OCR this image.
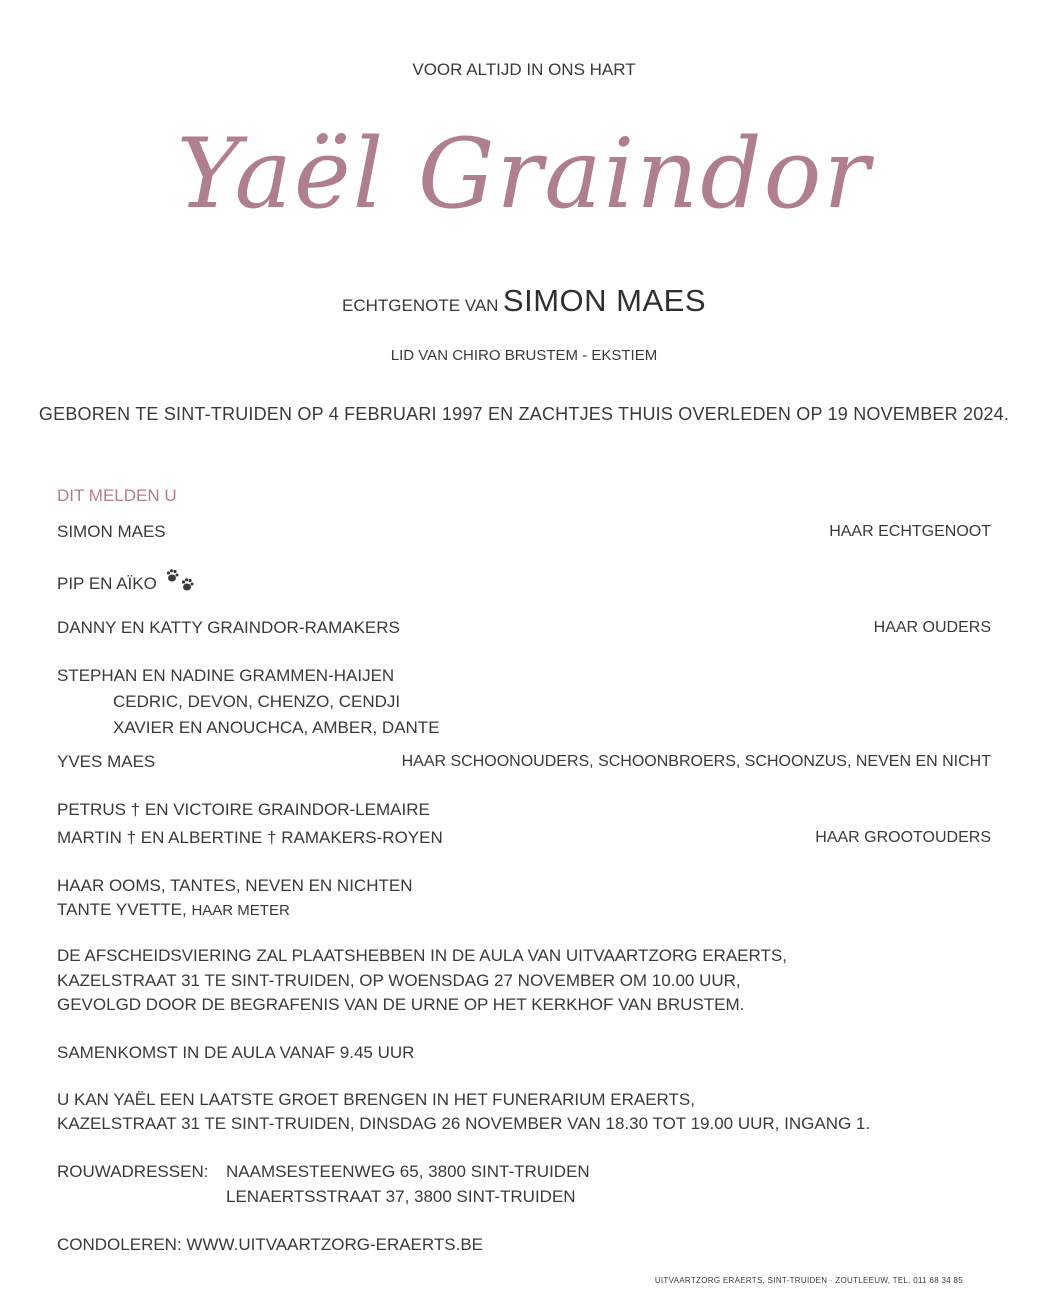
VOOR ALTIJD IN ONS HART
Yaël Graindor
ECHTGENOTE VAN SIMON MAES
LID VAN CHIRO BRUSTEM - EKSTIEM
GEBOREN TE SINT-TRUIDEN OP 4 FEBRUARI 1997 EN ZACHTJES THUIS OVERLEDEN OP 19 NOVEMBER 2024.
DIT MELDEN U
SIMON MAES	HAAR ECHTGENOOT
PIP EN AÏKO
DANNY EN KATTY GRAINDOR-RAMAKERS	HAAR OUDERS
STEPHAN EN NADINE GRAMMEN-HAIJEN
CEDRIC, DEVON, CHENZO, CENDJI
XAVIER EN ANOUCHCA, AMBER, DANTE
YVES MAES	HAAR SCHOONOUDERS, SCHOONBROERS, SCHOONZUS, NEVEN EN NICHT
PETRUS † EN VICTOIRE GRAINDOR-LEMAIRE
MARTIN † EN ALBERTINE † RAMAKERS-ROYEN	HAAR GROOTOUDERS
HAAR OOMS, TANTES, NEVEN EN NICHTEN
TANTE YVETTE, HAAR METER
DE AFSCHEIDSVIERING ZAL PLAATSHEBBEN IN DE AULA VAN UITVAARTZORG ERAERTS,
KAZELSTRAAT 31 TE SINT-TRUIDEN, OP WOENSDAG 27 NOVEMBER OM 10.00 UUR,
GEVOLGD DOOR DE BEGRAFENIS VAN DE URNE OP HET KERKHOF VAN BRUSTEM.
SAMENKOMST IN DE AULA VANAF 9.45 UUR
U KAN YAËL EEN LAATSTE GROET BRENGEN IN HET FUNERARIUM ERAERTS,
KAZELSTRAAT 31 TE SINT-TRUIDEN, DINSDAG 26 NOVEMBER VAN 18.30 TOT 19.00 UUR, INGANG 1.
ROUWADRESSEN: NAAMSESTEENWEG 65, 3800 SINT-TRUIDEN
LENAERTSSTRAAT 37, 3800 SINT-TRUIDEN
CONDOLEREN: WWW.UITVAARTZORG-ERAERTS.BE
UITVAARTZORG ERAERTS, SINT-TRUIDEN · ZOUTLEEUW, TEL. 011 68 34 85
